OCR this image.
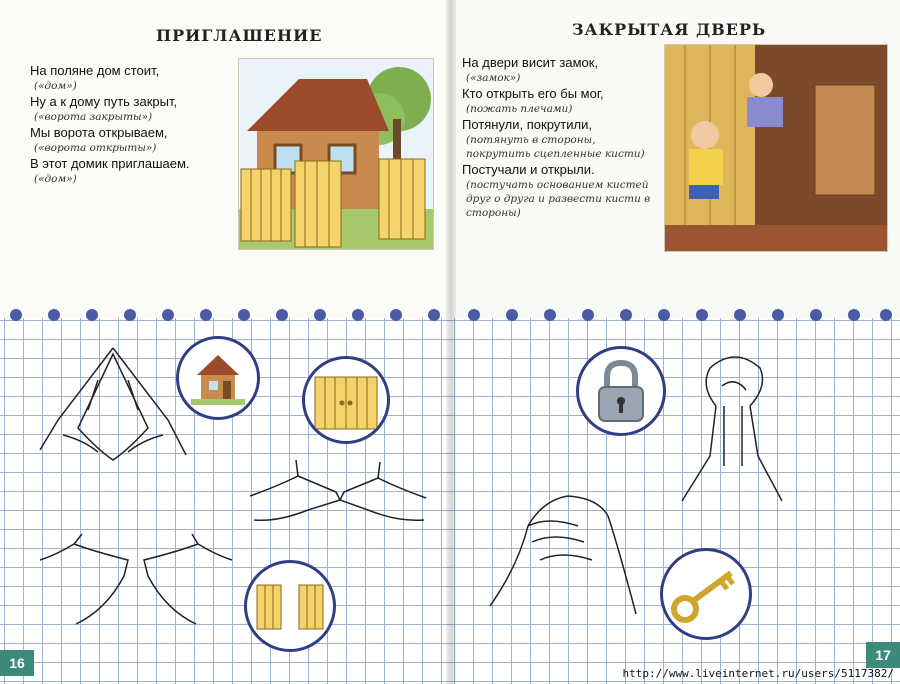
ПРИГЛАШЕНИЕ
На поляне дом стоит,
(«дом»)
Ну а к дому путь закрыт,
(«ворота закрыты»)
Мы ворота открываем,
(«ворота открыты»)
В этот домик приглашаем.
(«дом»)
16
ЗАКРЫТАЯ ДВЕРЬ
На двери висит замок,
(«замок»)
Кто открыть его бы мог,
(пожать плечами)
Потянули, покрутили,
(потянуть в стороны, покрутить сцепленные кисти)
Постучали и открыли.
(постучать основанием кистей друг о друга и развести кисти в стороны)
17
http://www.liveinternet.ru/users/5117382/
